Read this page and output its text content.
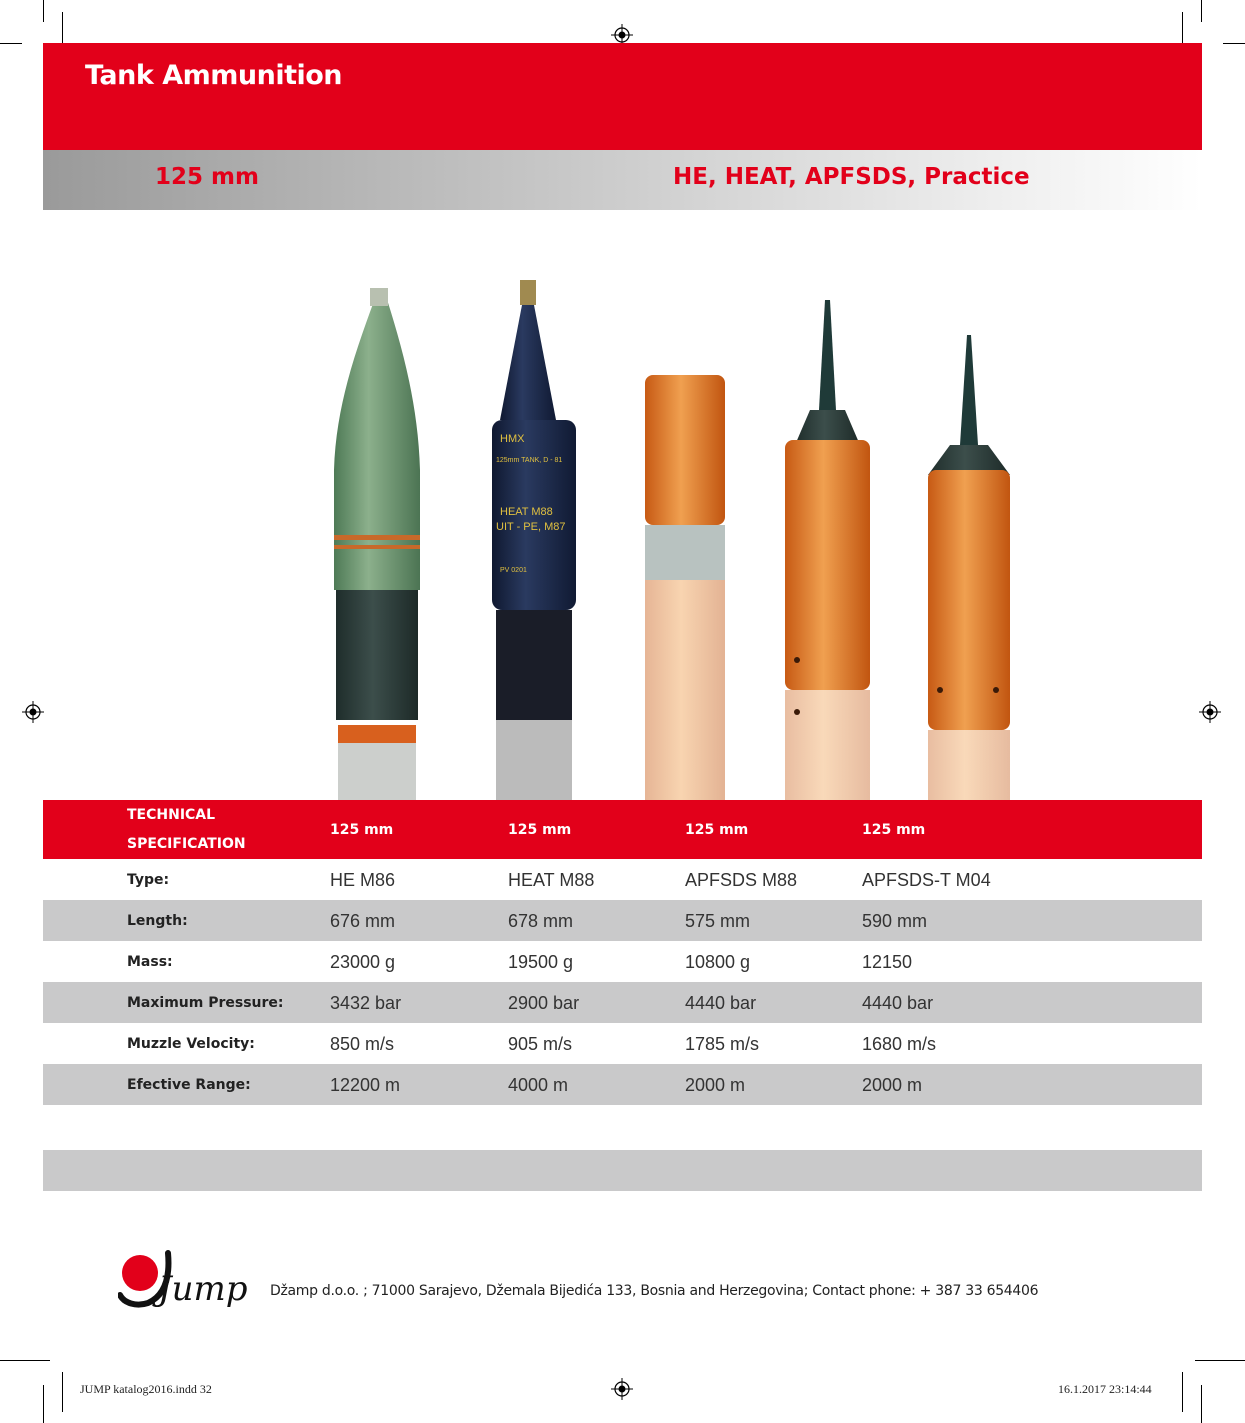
Tank Ammunition
125 mm	HE, HEAT, APFSDS, Practice
HMX
125mm TANK, D - 81
HEAT M88
UIT - PE, M87
PV 0201
TECHNICAL
SPECIFICATION
125 mm	125 mm	125 mm	125 mm
Type:	HE M86	HEAT M88	APFSDS M88	APFSDS-T M04
Length:	676 mm	678 mm	575 mm	590 mm
Mass:	23000 g	19500 g	10800 g	12150
Maximum Pressure:	3432 bar	2900 bar	4440 bar	4440 bar
Muzzle Velocity:	850 m/s	905 m/s	1785 m/s	1680 m/s
Efective Range:	12200 m	4000 m	2000 m	2000 m
Jump Džamp d.o.o. ; 71000 Sarajevo, Džemala Bijedića 133, Bosnia and Herzegovina; Contact phone: + 387 33 654406
JUMP katalog2016.indd 32	16.1.2017 23:14:44
